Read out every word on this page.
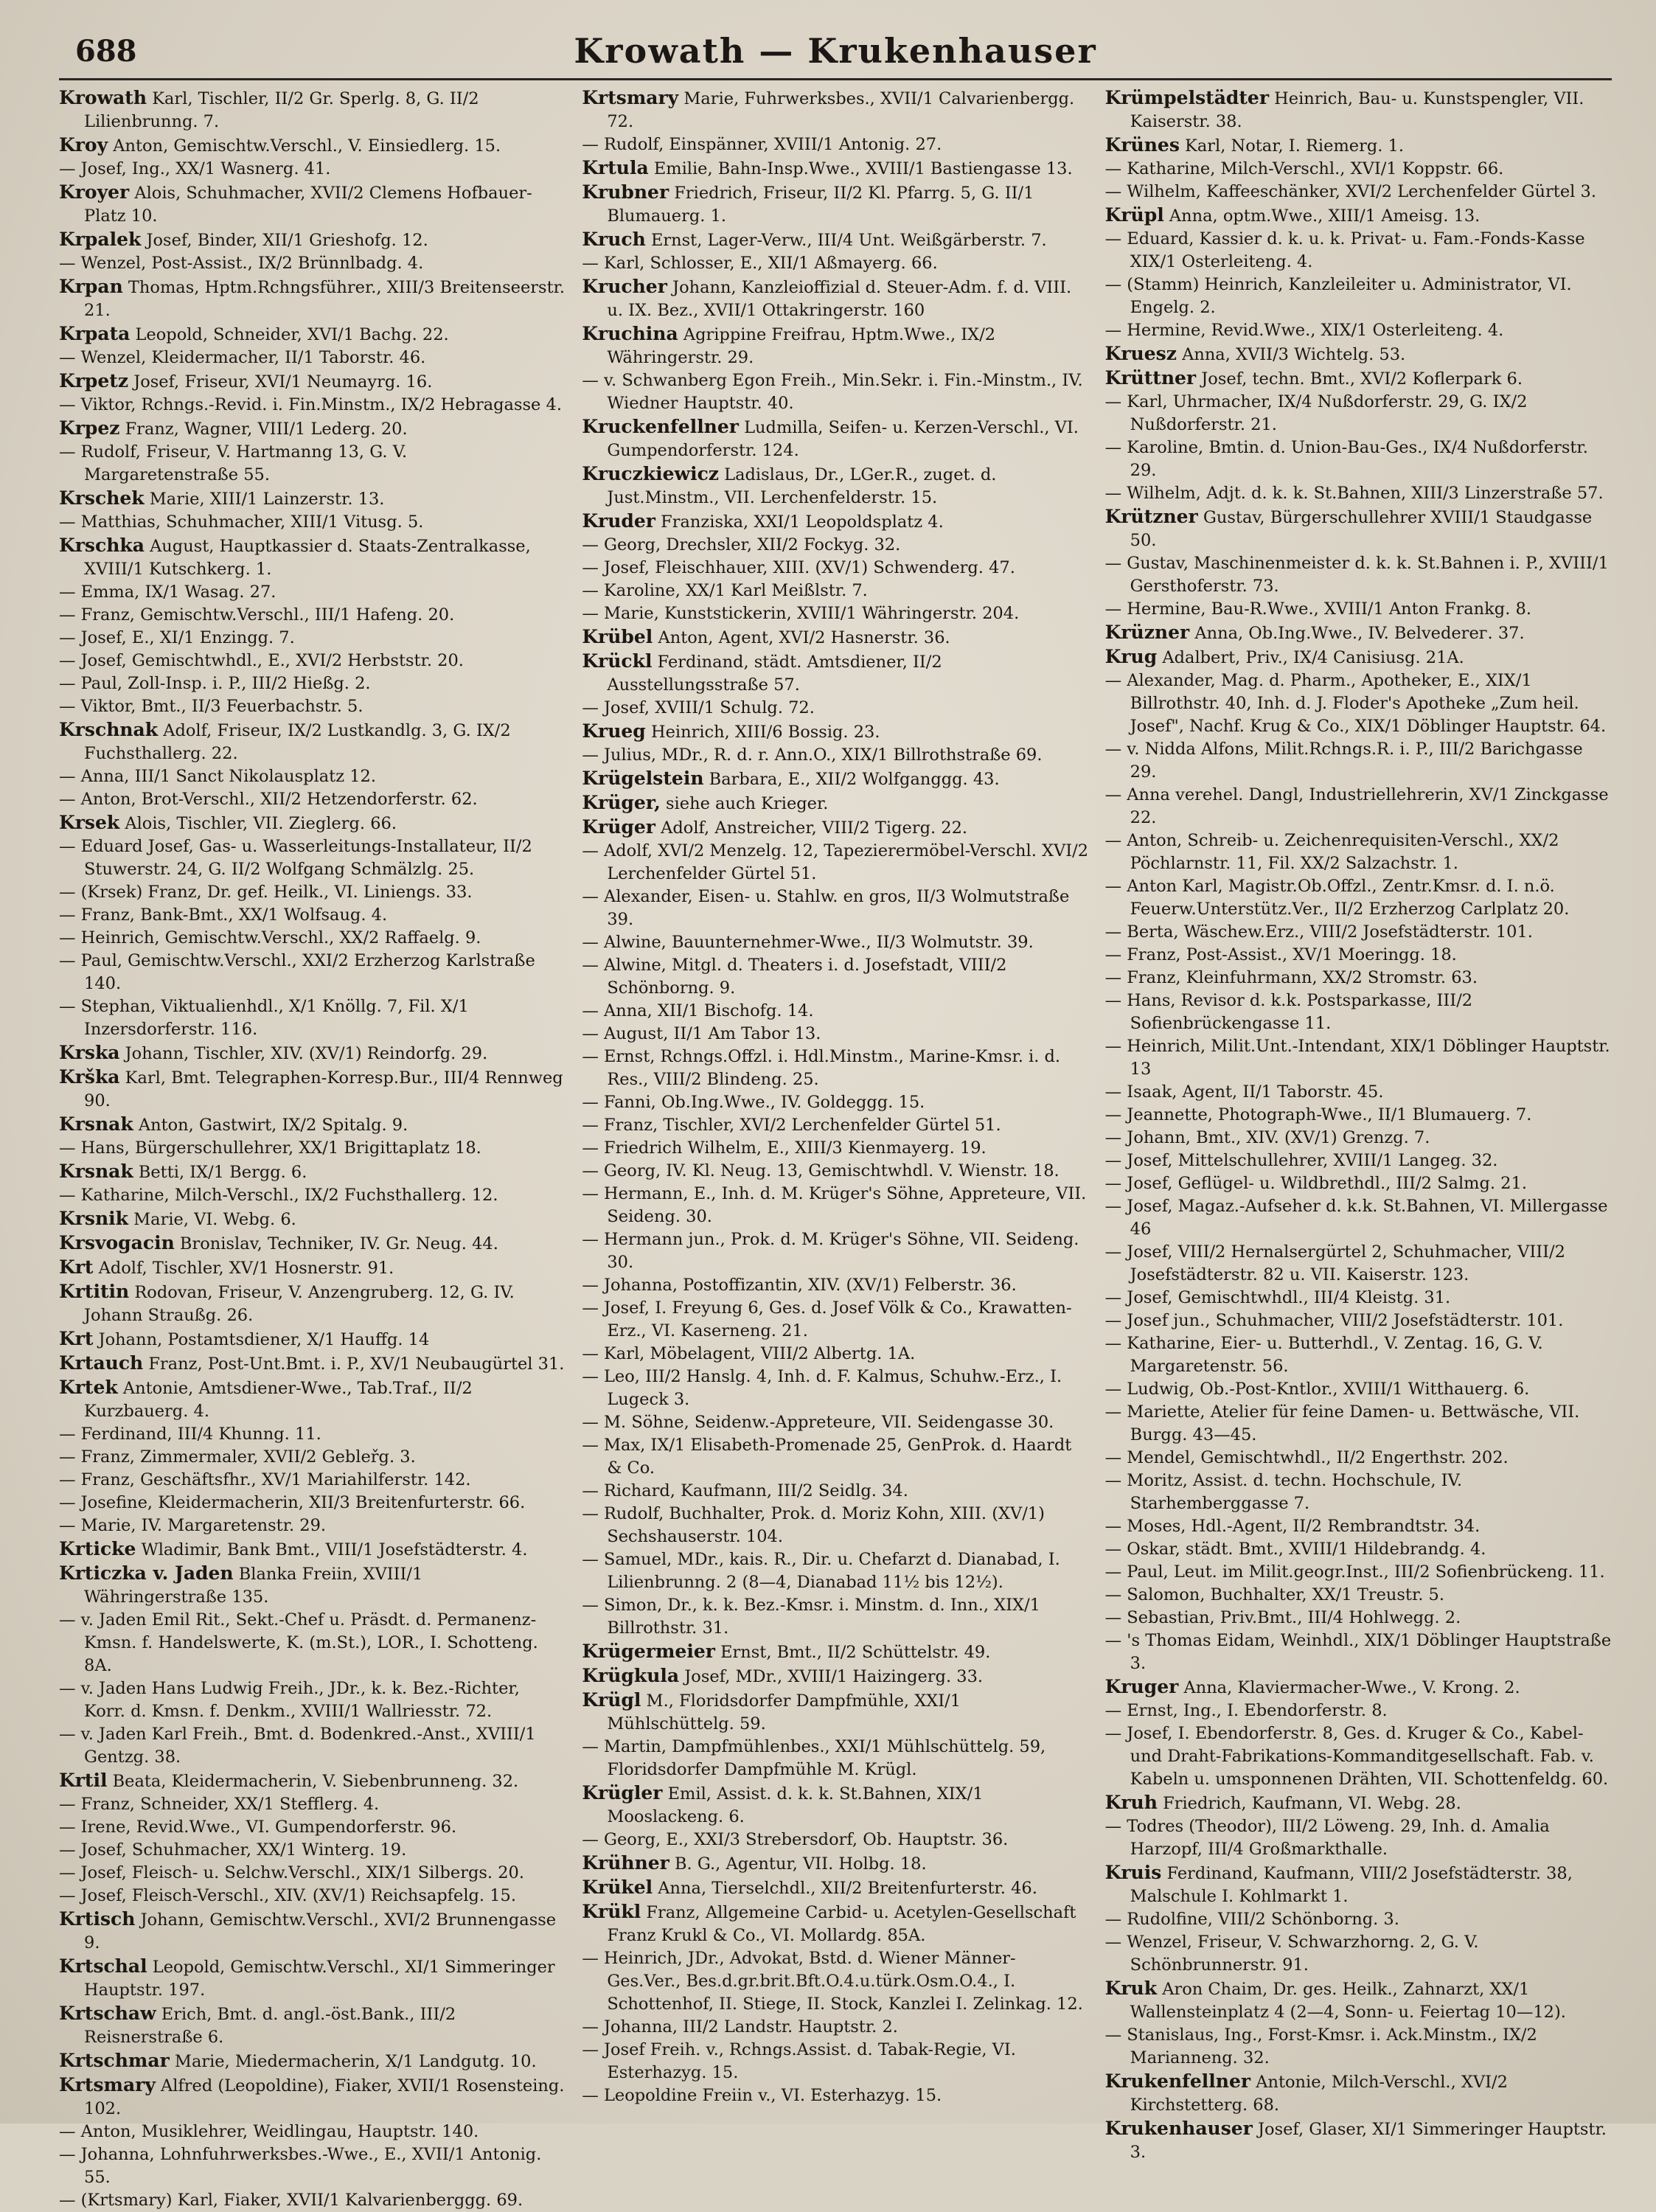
688	Krowath — Krukenhauser

Krowath Karl, Tischler, II/2 Gr. Sperlg. 8, G. II/2 Lilienbrunng. 7.

Kroy Anton, Gemischtw.Verschl., V. Einsiedlerg. 15.

— Josef, Ing., XX/1 Wasnerg. 41.

Kroyer Alois, Schuhmacher, XVII/2 Clemens Hofbauer-Platz 10.

Krpalek Josef, Binder, XII/1 Grieshofg. 12.

— Wenzel, Post-Assist., IX/2 Brünnlbadg. 4.

Krpan Thomas, Hptm.Rchngsführer., XIII/3 Breitenseerstr. 21.

Krpata Leopold, Schneider, XVI/1 Bachg. 22.

— Wenzel, Kleidermacher, II/1 Taborstr. 46.

Krpetz Josef, Friseur, XVI/1 Neumayrg. 16.

— Viktor, Rchngs.-Revid. i. Fin.Minstm., IX/2 Hebragasse 4.

Krpez Franz, Wagner, VIII/1 Lederg. 20.

— Rudolf, Friseur, V. Hartmanng 13, G. V. Margaretenstraße 55.

Krschek Marie, XIII/1 Lainzerstr. 13.

— Matthias, Schuhmacher, XIII/1 Vitusg. 5.

Krschka August, Hauptkassier d. Staats-Zentralkasse, XVIII/1 Kutschkerg. 1.

— Emma, IX/1 Wasag. 27.

— Franz, Gemischtw.Verschl., III/1 Hafeng. 20.

— Josef, E., XI/1 Enzingg. 7.

— Josef, Gemischtwhdl., E., XVI/2 Herbststr. 20.

— Paul, Zoll-Insp. i. P., III/2 Hießg. 2.

— Viktor, Bmt., II/3 Feuerbachstr. 5.

Krschnak Adolf, Friseur, IX/2 Lustkandlg. 3, G. IX/2 Fuchsthallerg. 22.

— Anna, III/1 Sanct Nikolausplatz 12.

— Anton, Brot-Verschl., XII/2 Hetzendorferstr. 62.

Krsek Alois, Tischler, VII. Zieglerg. 66.

— Eduard Josef, Gas- u. Wasserleitungs-Installateur, II/2 Stuwerstr. 24, G. II/2 Wolfgang Schmälzlg. 25.

— (Krsek) Franz, Dr. gef. Heilk., VI. Liniengs. 33.

— Franz, Bank-Bmt., XX/1 Wolfsaug. 4.

— Heinrich, Gemischtw.Verschl., XX/2 Raffaelg. 9.

— Paul, Gemischtw.Verschl., XXI/2 Erzherzog Karlstraße 140.

— Stephan, Viktualienhdl., X/1 Knöllg. 7, Fil. X/1 Inzersdorferstr. 116.

Krska Johann, Tischler, XIV. (XV/1) Reindorfg. 29.

Krška Karl, Bmt. Telegraphen-Korresp.Bur., III/4 Rennweg 90.

Krsnak Anton, Gastwirt, IX/2 Spitalg. 9.

— Hans, Bürgerschullehrer, XX/1 Brigittaplatz 18.

Krsnak Betti, IX/1 Bergg. 6.

— Katharine, Milch-Verschl., IX/2 Fuchsthallerg. 12.

Krsnik Marie, VI. Webg. 6.

Krsvogacin Bronislav, Techniker, IV. Gr. Neug. 44.

Krt Adolf, Tischler, XV/1 Hosnerstr. 91.

Krtitin Rodovan, Friseur, V. Anzengruberg. 12, G. IV. Johann Straußg. 26.

Krt Johann, Postamtsdiener, X/1 Hauffg. 14

Krtauch Franz, Post-Unt.Bmt. i. P., XV/1 Neubaugürtel 31.

Krtek Antonie, Amtsdiener-Wwe., Tab.Traf., II/2 Kurzbauerg. 4.

— Ferdinand, III/4 Khunng. 11.

— Franz, Zimmermaler, XVII/2 Gebleřg. 3.

— Franz, Geschäftsfhr., XV/1 Mariahilferstr. 142.

— Josefine, Kleidermacherin, XII/3 Breitenfurterstr. 66.

— Marie, IV. Margaretenstr. 29.

Krticke Wladimir, Bank Bmt., VIII/1 Josefstädterstr. 4.

Krticzka v. Jaden Blanka Freiin, XVIII/1 Währingerstraße 135.

— v. Jaden Emil Rit., Sekt.-Chef u. Präsdt. d. Permanenz-Kmsn. f. Handelswerte, K. (m.St.), LOR., I. Schotteng. 8A.

— v. Jaden Hans Ludwig Freih., JDr., k. k. Bez.-Richter, Korr. d. Kmsn. f. Denkm., XVIII/1 Wallriesstr. 72.

— v. Jaden Karl Freih., Bmt. d. Bodenkred.-Anst., XVIII/1 Gentzg. 38.

Krtil Beata, Kleidermacherin, V. Siebenbrunneng. 32.

— Franz, Schneider, XX/1 Stefflerg. 4.

— Irene, Revid.Wwe., VI. Gumpendorferstr. 96.

— Josef, Schuhmacher, XX/1 Winterg. 19.

— Josef, Fleisch- u. Selchw.Verschl., XIX/1 Silbergs. 20.

— Josef, Fleisch-Verschl., XIV. (XV/1) Reichsapfelg. 15.

Krtisch Johann, Gemischtw.Verschl., XVI/2 Brunnengasse 9.

Krtschal Leopold, Gemischtw.Verschl., XI/1 Simmeringer Hauptstr. 197.

Krtschaw Erich, Bmt. d. angl.-öst.Bank., III/2 Reisnerstraße 6.

Krtschmar Marie, Miedermacherin, X/1 Landgutg. 10.

Krtsmary Alfred (Leopoldine), Fiaker, XVII/1 Rosensteing. 102.

— Anton, Musiklehrer, Weidlingau, Hauptstr. 140.

— Johanna, Lohnfuhrwerksbes.-Wwe., E., XVII/1 Antonig. 55.

— (Krtsmary) Karl, Fiaker, XVII/1 Kalvarienberggg. 69.

Krtsmary Marie, Fuhrwerksbes., XVII/1 Calvarienbergg. 72.

— Rudolf, Einspänner, XVIII/1 Antonig. 27.

Krtula Emilie, Bahn-Insp.Wwe., XVIII/1 Bastiengasse 13.

Krubner Friedrich, Friseur, II/2 Kl. Pfarrg. 5, G. II/1 Blumauerg. 1.

Kruch Ernst, Lager-Verw., III/4 Unt. Weißgärberstr. 7.

— Karl, Schlosser, E., XII/1 Aßmayerg. 66.

Krucher Johann, Kanzleioffizial d. Steuer-Adm. f. d. VIII. u. IX. Bez., XVII/1 Ottakringerstr. 160

Kruchina Agrippine Freifrau, Hptm.Wwe., IX/2 Währingerstr. 29.

— v. Schwanberg Egon Freih., Min.Sekr. i. Fin.-Minstm., IV. Wiedner Hauptstr. 40.

Kruckenfellner Ludmilla, Seifen- u. Kerzen-Verschl., VI. Gumpendorferstr. 124.

Kruczkiewicz Ladislaus, Dr., LGer.R., zuget. d. Just.Minstm., VII. Lerchenfelderstr. 15.

Kruder Franziska, XXI/1 Leopoldsplatz 4.

— Georg, Drechsler, XII/2 Fockyg. 32.

— Josef, Fleischhauer, XIII. (XV/1) Schwenderg. 47.

— Karoline, XX/1 Karl Meißlstr. 7.

— Marie, Kunststickerin, XVIII/1 Währingerstr. 204.

Krübel Anton, Agent, XVI/2 Hasnerstr. 36.

Krückl Ferdinand, städt. Amtsdiener, II/2 Ausstellungsstraße 57.

— Josef, XVIII/1 Schulg. 72.

Krueg Heinrich, XIII/6 Bossig. 23.

— Julius, MDr., R. d. r. Ann.O., XIX/1 Billrothstraße 69.

Krügelstein Barbara, E., XII/2 Wolfganggg. 43.

Krüger, siehe auch Krieger.

Krüger Adolf, Anstreicher, VIII/2 Tigerg. 22.

— Adolf, XVI/2 Menzelg. 12, Tapezierermöbel-Verschl. XVI/2 Lerchenfelder Gürtel 51.

— Alexander, Eisen- u. Stahlw. en gros, II/3 Wolmutstraße 39.

— Alwine, Bauunternehmer-Wwe., II/3 Wolmutstr. 39.

— Alwine, Mitgl. d. Theaters i. d. Josefstadt, VIII/2 Schönborng. 9.

— Anna, XII/1 Bischofg. 14.

— August, II/1 Am Tabor 13.

— Ernst, Rchngs.Offzl. i. Hdl.Minstm., Marine-Kmsr. i. d. Res., VIII/2 Blindeng. 25.

— Fanni, Ob.Ing.Wwe., IV. Goldeggg. 15.

— Franz, Tischler, XVI/2 Lerchenfelder Gürtel 51.

— Friedrich Wilhelm, E., XIII/3 Kienmayerg. 19.

— Georg, IV. Kl. Neug. 13, Gemischtwhdl. V. Wienstr. 18.

— Hermann, E., Inh. d. M. Krüger's Söhne, Appreteure, VII. Seideng. 30.

— Hermann jun., Prok. d. M. Krüger's Söhne, VII. Seideng. 30.

— Johanna, Postoffizantin, XIV. (XV/1) Felberstr. 36.

— Josef, I. Freyung 6, Ges. d. Josef Völk & Co., Krawatten-Erz., VI. Kaserneng. 21.

— Karl, Möbelagent, VIII/2 Albertg. 1A.

— Leo, III/2 Hanslg. 4, Inh. d. F. Kalmus, Schuhw.-Erz., I. Lugeck 3.

— M. Söhne, Seidenw.-Appreteure, VII. Seidengasse 30.

— Max, IX/1 Elisabeth-Promenade 25, GenProk. d. Haardt & Co.

— Richard, Kaufmann, III/2 Seidlg. 34.

— Rudolf, Buchhalter, Prok. d. Moriz Kohn, XIII. (XV/1) Sechshauserstr. 104.

— Samuel, MDr., kais. R., Dir. u. Chefarzt d. Dianabad, I. Lilienbrunng. 2 (8—4, Dianabad 11½ bis 12½).

— Simon, Dr., k. k. Bez.-Kmsr. i. Minstm. d. Inn., XIX/1 Billrothstr. 31.

Krügermeier Ernst, Bmt., II/2 Schüttelstr. 49.

Krügkula Josef, MDr., XVIII/1 Haizingerg. 33.

Krügl M., Floridsdorfer Dampfmühle, XXI/1 Mühlschüttelg. 59.

— Martin, Dampfmühlenbes., XXI/1 Mühlschüttelg. 59, Floridsdorfer Dampfmühle M. Krügl.

Krügler Emil, Assist. d. k. k. St.Bahnen, XIX/1 Mooslackeng. 6.

— Georg, E., XXI/3 Strebersdorf, Ob. Hauptstr. 36.

Krühner B. G., Agentur, VII. Holbg. 18.

Krükel Anna, Tierselchdl., XII/2 Breitenfurterstr. 46.

Krükl Franz, Allgemeine Carbid- u. Acetylen-Gesellschaft Franz Krukl & Co., VI. Mollardg. 85A.

— Heinrich, JDr., Advokat, Bstd. d. Wiener Männer-Ges.Ver., Bes.d.gr.brit.Bft.O.4.u.türk.Osm.O.4., I. Schottenhof, II. Stiege, II. Stock, Kanzlei I. Zelinkag. 12.

— Johanna, III/2 Landstr. Hauptstr. 2.

— Josef Freih. v., Rchngs.Assist. d. Tabak-Regie, VI. Esterhazyg. 15.

— Leopoldine Freiin v., VI. Esterhazyg. 15.

Krümpelstädter Heinrich, Bau- u. Kunstspengler, VII. Kaiserstr. 38.

Krünes Karl, Notar, I. Riemerg. 1.

— Katharine, Milch-Verschl., XVI/1 Koppstr. 66.

— Wilhelm, Kaffeeschänker, XVI/2 Lerchenfelder Gürtel 3.

Krüpl Anna, optm.Wwe., XIII/1 Ameisg. 13.

— Eduard, Kassier d. k. u. k. Privat- u. Fam.-Fonds-Kasse XIX/1 Osterleiteng. 4.

— (Stamm) Heinrich, Kanzleileiter u. Administrator, VI. Engelg. 2.

— Hermine, Revid.Wwe., XIX/1 Osterleiteng. 4.

Kruesz Anna, XVII/3 Wichtelg. 53.

Krüttner Josef, techn. Bmt., XVI/2 Koflerpark 6.

— Karl, Uhrmacher, IX/4 Nußdorferstr. 29, G. IX/2 Nußdorferstr. 21.

— Karoline, Bmtin. d. Union-Bau-Ges., IX/4 Nußdorferstr. 29.

— Wilhelm, Adjt. d. k. k. St.Bahnen, XIII/3 Linzerstraße 57.

Krützner Gustav, Bürgerschullehrer XVIII/1 Staudgasse 50.

— Gustav, Maschinenmeister d. k. k. St.Bahnen i. P., XVIII/1 Gersthoferstr. 73.

— Hermine, Bau-R.Wwe., XVIII/1 Anton Frankg. 8.

Krüzner Anna, Ob.Ing.Wwe., IV. Belvederег. 37.

Krug Adalbert, Priv., IX/4 Canisiusg. 21A.

— Alexander, Mag. d. Pharm., Apotheker, E., XIX/1 Billrothstr. 40, Inh. d. J. Floder's Apotheke „Zum heil. Josef", Nachf. Krug & Co., XIX/1 Döblinger Hauptstr. 64.

— v. Nidda Alfons, Milit.Rchngs.R. i. P., III/2 Barichgasse 29.

— Anna verehel. Dangl, Industriellehrerin, XV/1 Zinckgasse 22.

— Anton, Schreib- u. Zeichenrequisiten-Verschl., XX/2 Pöchlarnstr. 11, Fil. XX/2 Salzachstr. 1.

— Anton Karl, Magistr.Ob.Offzl., Zentr.Kmsr. d. I. n.ö. Feuerw.Unterstütz.Ver., II/2 Erzherzog Carlplatz 20.

— Berta, Wäschew.Erz., VIII/2 Josefstädterstr. 101.

— Franz, Post-Assist., XV/1 Moeringg. 18.

— Franz, Kleinfuhrmann, XX/2 Stromstr. 63.

— Hans, Revisor d. k.k. Postsparkasse, III/2 Sofienbrückengasse 11.

— Heinrich, Milit.Unt.-Intendant, XIX/1 Döblinger Hauptstr. 13

— Isaak, Agent, II/1 Taborstr. 45.

— Jeannette, Photograph-Wwe., II/1 Blumauerg. 7.

— Johann, Bmt., XIV. (XV/1) Grenzg. 7.

— Josef, Mittelschullehrer, XVIII/1 Langeg. 32.

— Josef, Geflügel- u. Wildbrethdl., III/2 Salmg. 21.

— Josef, Magaz.-Aufseher d. k.k. St.Bahnen, VI. Millergasse 46

— Josef, VIII/2 Hernalsergürtel 2, Schuhmacher, VIII/2 Josefstädterstr. 82 u. VII. Kaiserstr. 123.

— Josef, Gemischtwhdl., III/4 Kleistg. 31.

— Josef jun., Schuhmacher, VIII/2 Josefstädterstr. 101.

— Katharine, Eier- u. Butterhdl., V. Zentag. 16, G. V. Margaretenstr. 56.

— Ludwig, Ob.-Post-Kntlor., XVIII/1 Witthauerg. 6.

— Mariette, Atelier für feine Damen- u. Bettwäsche, VII. Burgg. 43—45.

— Mendel, Gemischtwhdl., II/2 Engerthstr. 202.

— Moritz, Assist. d. techn. Hochschule, IV. Starhemberggasse 7.

— Moses, Hdl.-Agent, II/2 Rembrandtstr. 34.

— Oskar, städt. Bmt., XVIII/1 Hildebrandg. 4.

— Paul, Leut. im Milit.geogr.Inst., III/2 Sofienbrückeng. 11.

— Salomon, Buchhalter, XX/1 Treustr. 5.

— Sebastian, Priv.Bmt., III/4 Hohlwegg. 2.

— 's Thomas Eidam, Weinhdl., XIX/1 Döblinger Hauptstraße 3.

Kruger Anna, Klaviermacher-Wwe., V. Krong. 2.

— Ernst, Ing., I. Ebendorferstr. 8.

— Josef, I. Ebendorferstr. 8, Ges. d. Kruger & Co., Kabel- und Draht-Fabrikations-Kommanditgesellschaft. Fab. v. Kabeln u. umsponnenen Drähten, VII. Schottenfeldg. 60.

Kruh Friedrich, Kaufmann, VI. Webg. 28.

— Todres (Theodor), III/2 Löweng. 29, Inh. d. Amalia Harzopf, III/4 Großmarkthalle.

Kruis Ferdinand, Kaufmann, VIII/2 Josefstädterstr. 38, Malschule I. Kohlmarkt 1.

— Rudolfine, VIII/2 Schönborng. 3.

— Wenzel, Friseur, V. Schwarzhorng. 2, G. V. Schönbrunnerstr. 91.

Kruk Aron Chaim, Dr. ges. Heilk., Zahnarzt, XX/1 Wallensteinplatz 4 (2—4, Sonn- u. Feiertag 10—12).

— Stanislaus, Ing., Forst-Kmsr. i. Ack.Minstm., IX/2 Marianneng. 32.

Krukenfellner Antonie, Milch-Verschl., XVI/2 Kirchstetterg. 68.

Krukenhauser Josef, Glaser, XI/1 Simmeringer Hauptstr. 3.
